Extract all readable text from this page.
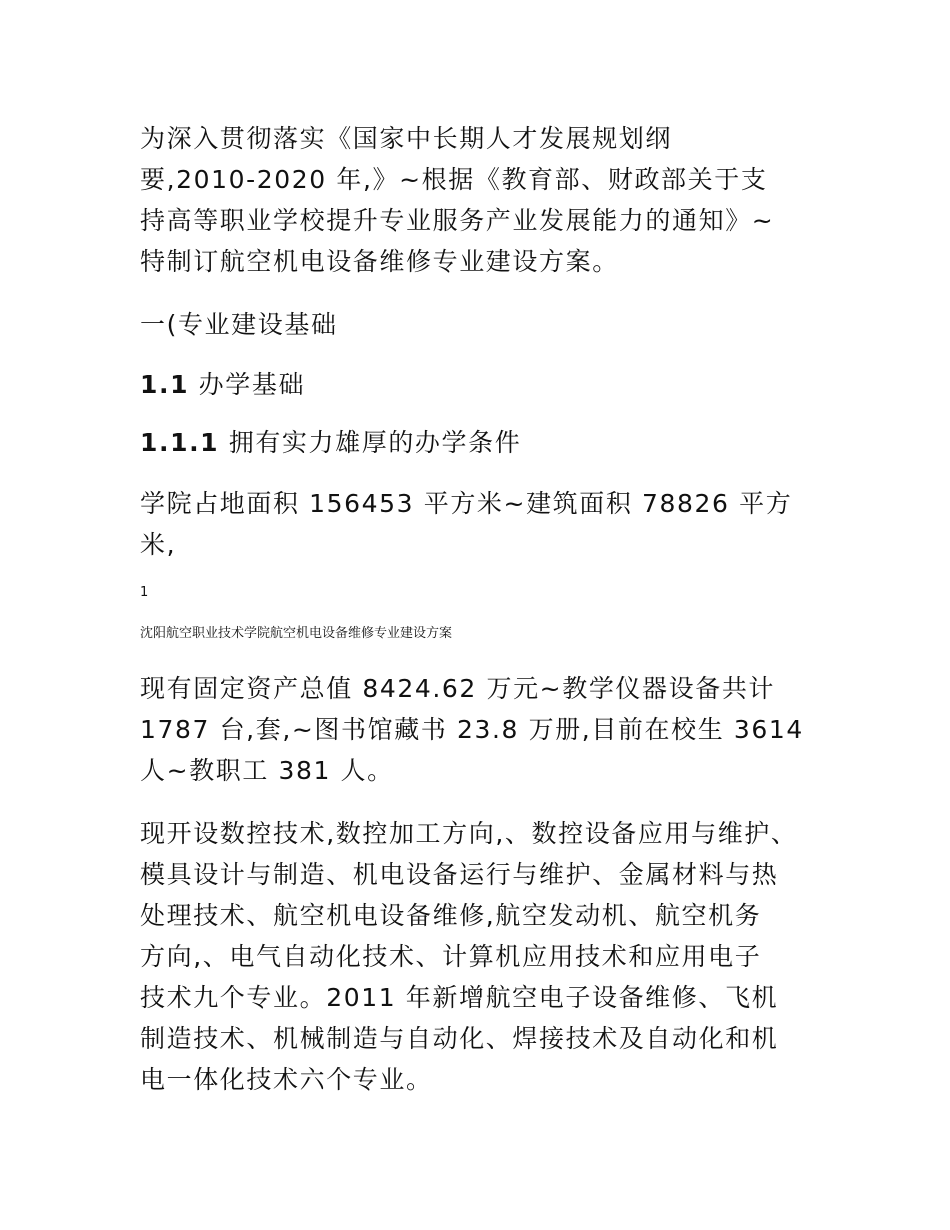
为深入贯彻落实《国家中长期人才发展规划纲
要,2010-2020 年,》~根据《教育部、财政部关于支
持高等职业学校提升专业服务产业发展能力的通知》~
特制订航空机电设备维修专业建设方案。

一(专业建设基础

1.1 办学基础

1.1.1 拥有实力雄厚的办学条件

学院占地面积 156453 平方米~建筑面积 78826 平方
米,

1
沈阳航空职业技术学院航空机电设备维修专业建设方案

现有固定资产总值 8424.62 万元~教学仪器设备共计
1787 台,套,~图书馆藏书 23.8 万册,目前在校生 3614
人~教职工 381 人。

现开设数控技术,数控加工方向,、数控设备应用与维护、
模具设计与制造、机电设备运行与维护、金属材料与热
处理技术、航空机电设备维修,航空发动机、航空机务
方向,、电气自动化技术、计算机应用技术和应用电子
技术九个专业。2011 年新增航空电子设备维修、飞机
制造技术、机械制造与自动化、焊接技术及自动化和机
电一体化技术六个专业。
